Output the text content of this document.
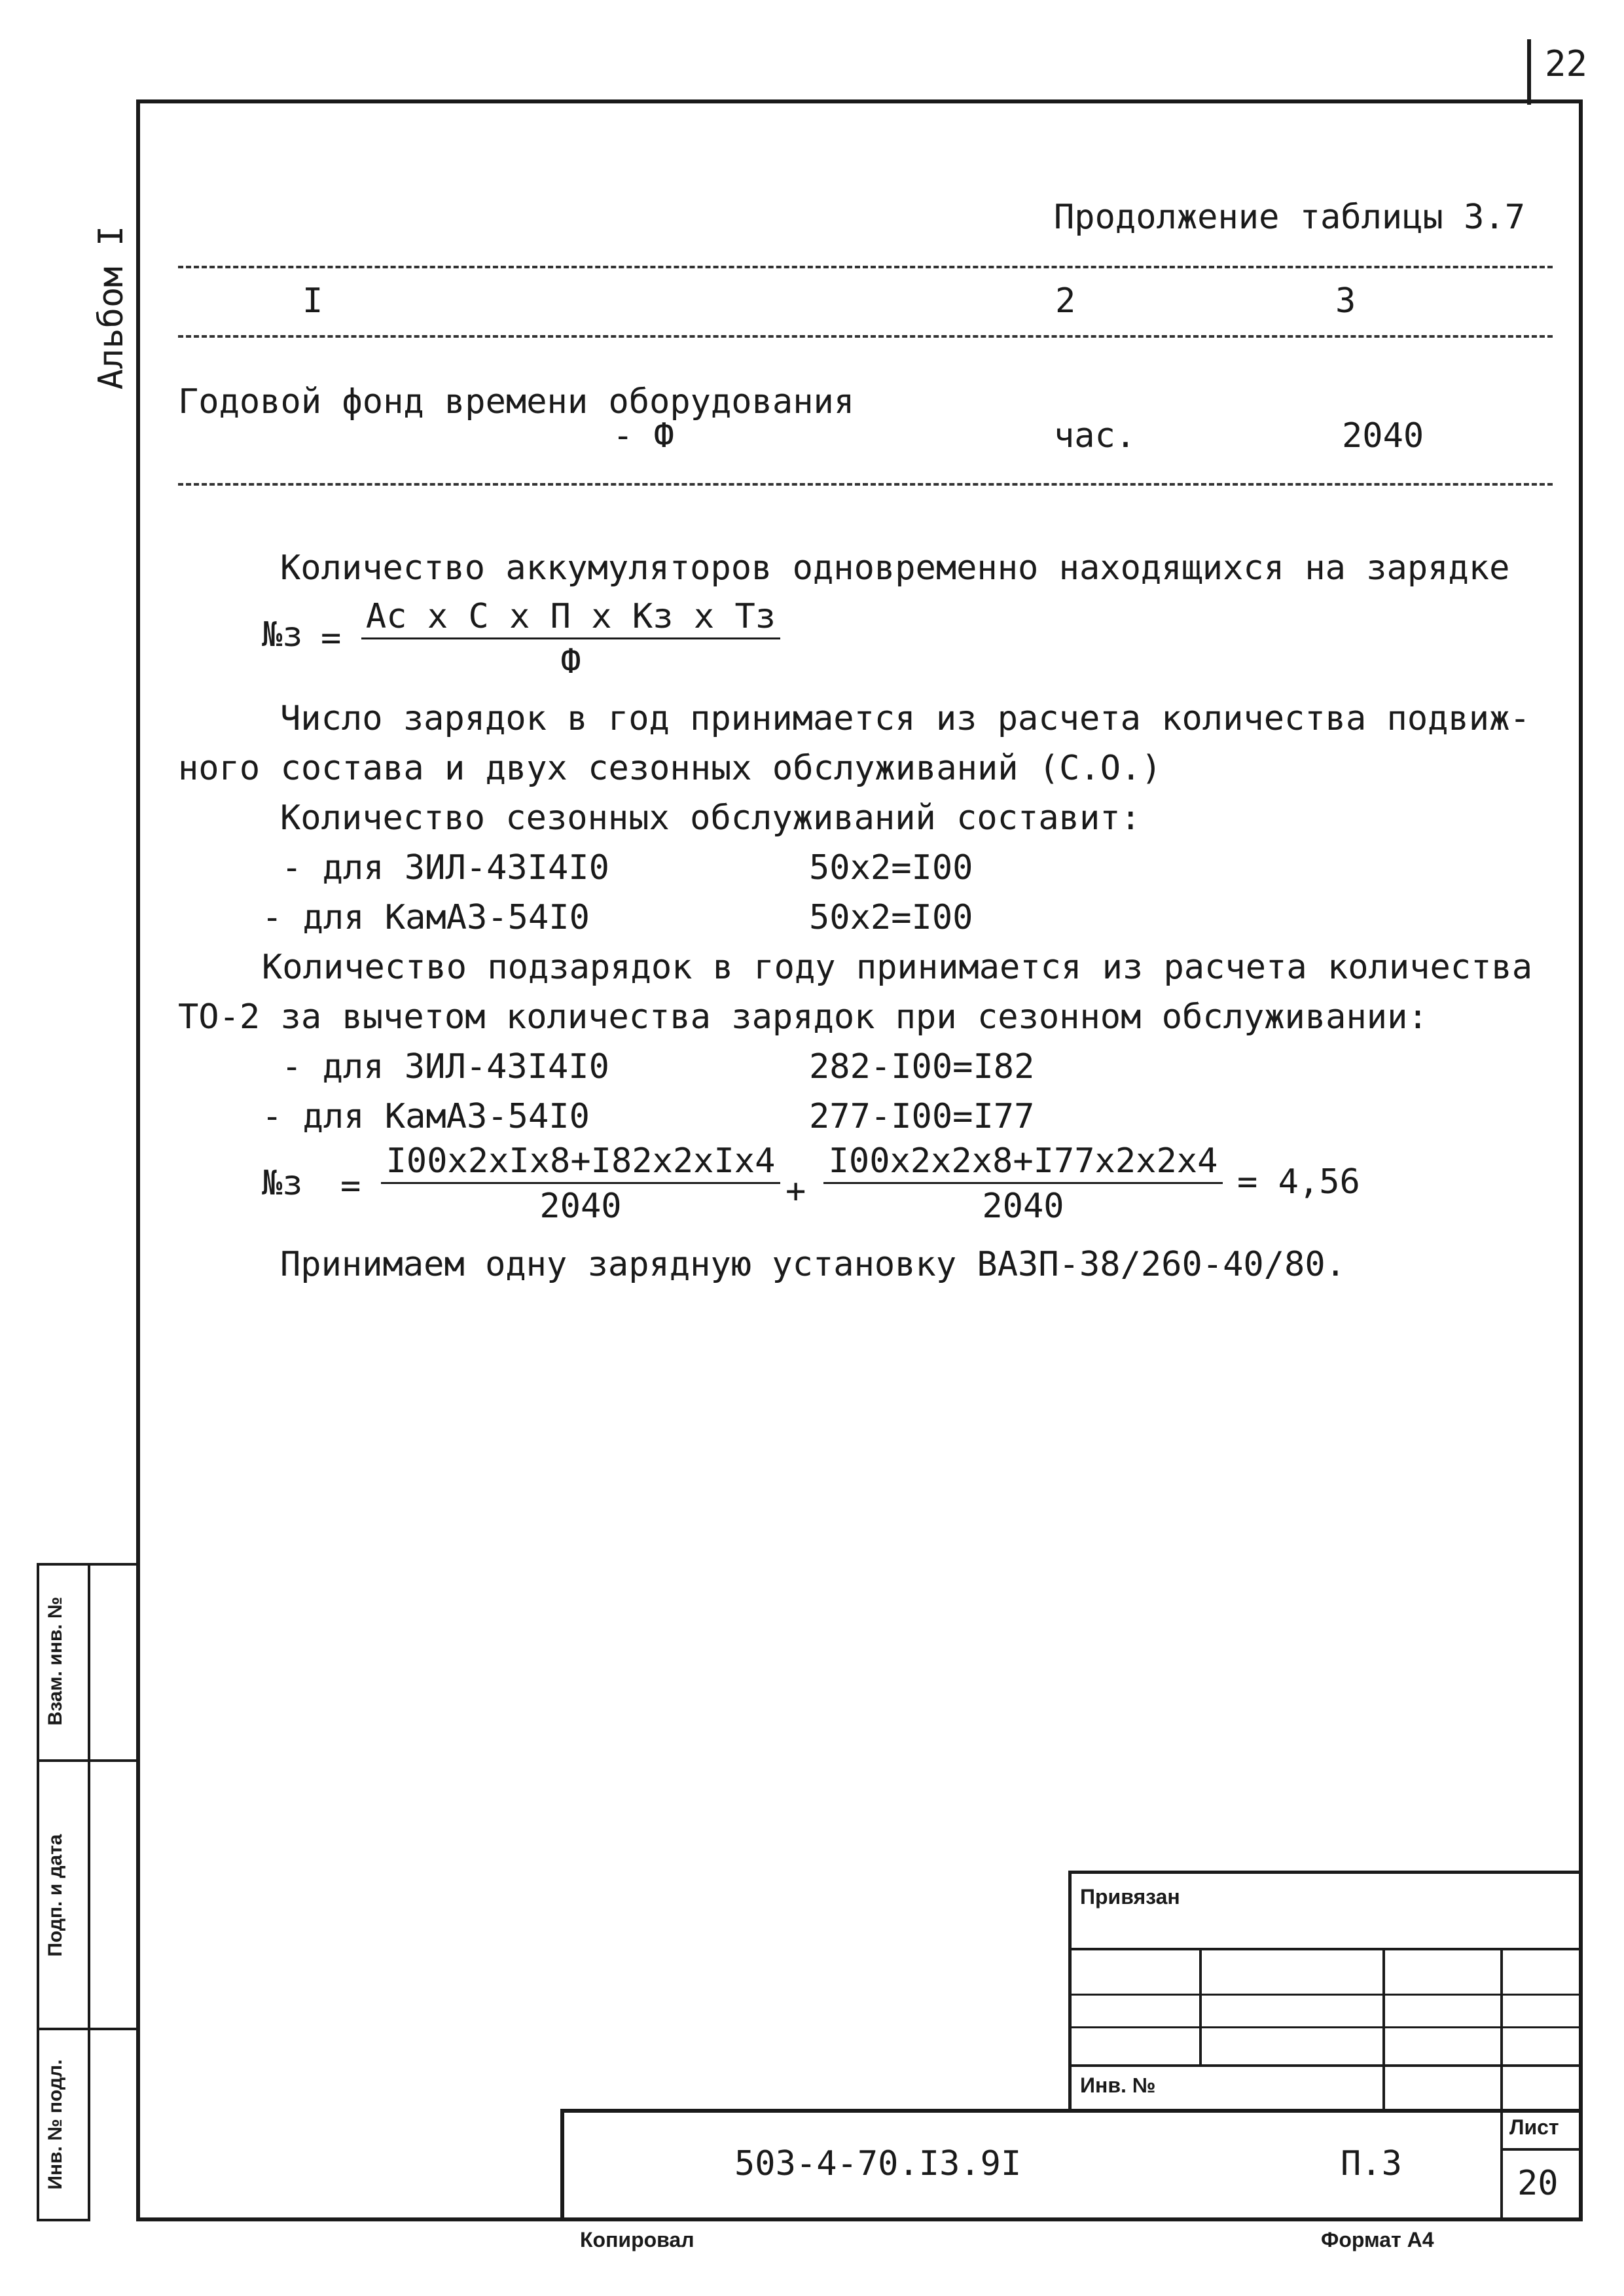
22
Альбом I
Продолжение таблицы 3.7
I	2	3
Годовой фонд времени оборудования
- Ф	час.	2040
Количество аккумуляторов одновременно находящихся на зарядке
№з =
Ас х С х П х Кз х Тз
Ф
Число зарядок в год принимается из расчета количества подвиж-
ного состава и двух сезонных обслуживаний (С.О.)
Количество сезонных обслуживаний составит:
- для ЗИЛ-43I4I0	50х2=I00
- для КамАЗ-54I0	50х2=I00
Количество подзарядок в году принимается из расчета количества
ТО-2 за вычетом количества зарядок при сезонном обслуживании:
- для ЗИЛ-43I4I0	282-I00=I82
- для КамАЗ-54I0	277-I00=I77
№з =
I00х2хIх8+I82х2хIх4
2040	+
I00х2х2х8+I77х2х2х4
2040
= 4,56
Принимаем одну зарядную установку ВАЗП-38/260-40/80.
Взам. инв. №
Подп. и дата
Инв. № подл.
Привязан
Инв. №
503-4-70.I3.9I	П.3
Лист
20
Копировал	Формат А4
